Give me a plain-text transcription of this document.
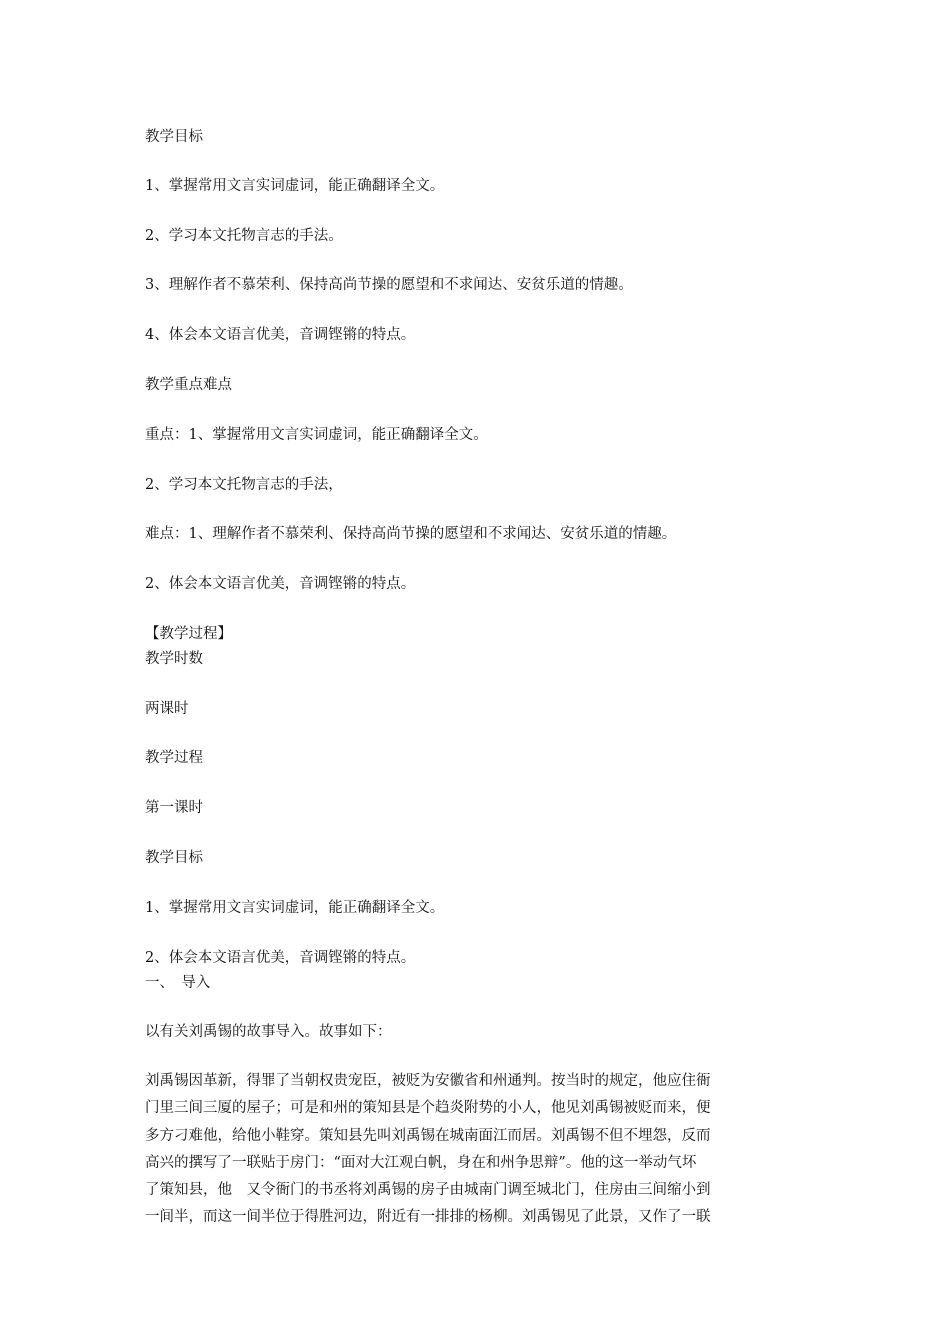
教学目标
1、掌握常用文言实词虚词，能正确翻译全文。
2、学习本文托物言志的手法。
3、理解作者不慕荣利、保持高尚节操的愿望和不求闻达、安贫乐道的情趣。
4、体会本文语言优美，音调铿锵的特点。
教学重点难点
重点：1、掌握常用文言实词虚词，能正确翻译全文。
2、学习本文托物言志的手法，
难点：1、理解作者不慕荣利、保持高尚节操的愿望和不求闻达、安贫乐道的情趣。
2、体会本文语言优美，音调铿锵的特点。
【教学过程】
教学时数
两课时
教学过程
第一课时
教学目标
1、掌握常用文言实词虚词，能正确翻译全文。
2、体会本文语言优美，音调铿锵的特点。
一、　导入
以有关刘禹锡的故事导入。故事如下：
刘禹锡因革新，得罪了当朝权贵宠臣，被贬为安徽省和州通判。按当时的规定，他应住衙
门里三间三厦的屋子；可是和州的策知县是个趋炎附势的小人，他见刘禹锡被贬而来，便
多方刁难他，给他小鞋穿。策知县先叫刘禹锡在城南面江而居。刘禹锡不但不埋怨，反而
高兴的撰写了一联贴于房门：“面对大江观白帆，身在和州争思辩”。他的这一举动气坏
了策知县，他　又令衙门的书丞将刘禹锡的房子由城南门调至城北门，住房由三间缩小到
一间半，而这一间半位于得胜河边，附近有一排排的杨柳。刘禹锡见了此景，又作了一联
